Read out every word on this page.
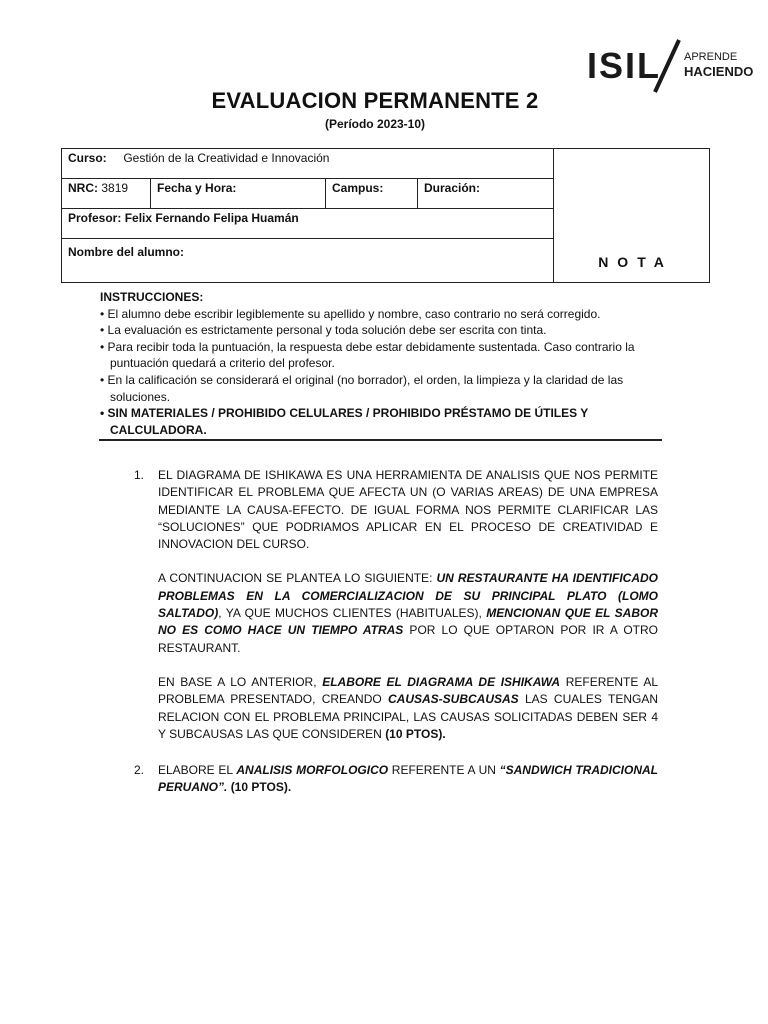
ISIL APRENDE
HACIENDO
EVALUACION PERMANENTE 2
(Período 2023-10)
Curso: Gestión de la Creatividad e Innovación				NOTA

NRC: 3819	Fecha y Hora:	Campus:	Duración:	
Profesor: Felix Fernando Felipa Huamán				
Nombre del alumno:				
INSTRUCCIONES:
• El alumno debe escribir legiblemente su apellido y nombre, caso contrario no será corregido.
• La evaluación es estrictamente personal y toda solución debe ser escrita con tinta.
• Para recibir toda la puntuación, la respuesta debe estar debidamente sustentada. Caso contrario la puntuación quedará a criterio del profesor.
• En la calificación se considerará el original (no borrador), el orden, la limpieza y la claridad de las soluciones.
• SIN MATERIALES / PROHIBIDO CELULARES / PROHIBIDO PRÉSTAMO DE ÚTILES Y CALCULADORA.
1. EL DIAGRAMA DE ISHIKAWA ES UNA HERRAMIENTA DE ANALISIS QUE NOS PERMITE IDENTIFICAR EL PROBLEMA QUE AFECTA UN (O VARIAS AREAS) DE UNA EMPRESA MEDIANTE LA CAUSA-EFECTO. DE IGUAL FORMA NOS PERMITE CLARIFICAR LAS “SOLUCIONES” QUE PODRIAMOS APLICAR EN EL PROCESO DE CREATIVIDAD E INNOVACION DEL CURSO.

A CONTINUACION SE PLANTEA LO SIGUIENTE: UN RESTAURANTE HA IDENTIFICADO PROBLEMAS EN LA COMERCIALIZACION DE SU PRINCIPAL PLATO (LOMO SALTADO), YA QUE MUCHOS CLIENTES (HABITUALES), MENCIONAN QUE EL SABOR NO ES COMO HACE UN TIEMPO ATRAS POR LO QUE OPTARON POR IR A OTRO RESTAURANT.

EN BASE A LO ANTERIOR, ELABORE EL DIAGRAMA DE ISHIKAWA REFERENTE AL PROBLEMA PRESENTADO, CREANDO CAUSAS-SUBCAUSAS LAS CUALES TENGAN RELACION CON EL PROBLEMA PRINCIPAL, LAS CAUSAS SOLICITADAS DEBEN SER 4 Y SUBCAUSAS LAS QUE CONSIDEREN (10 PTOS).

2. ELABORE EL ANALISIS MORFOLOGICO REFERENTE A UN “SANDWICH TRADICIONAL PERUANO”. (10 PTOS).
